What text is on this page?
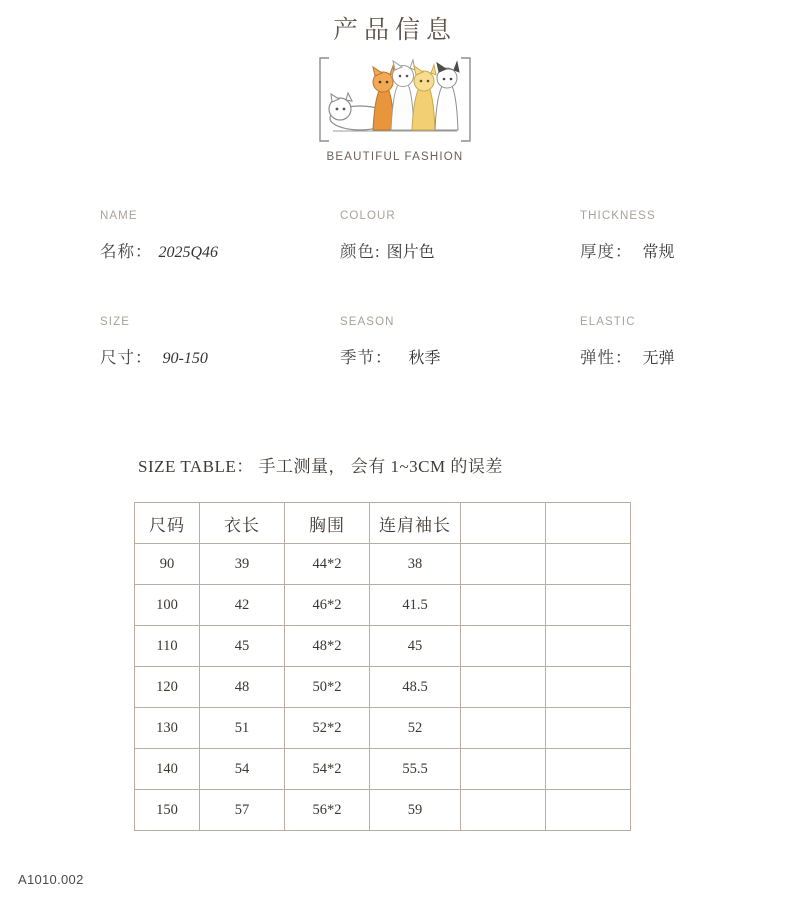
产品信息
BEAUTIFUL FASHION
NAME
名称： 2025Q46
COLOUR
颜色: 图片色
THICKNESS
厚度： 常规
SIZE
尺寸： 90-150
SEASON
季节： 秋季
ELASTIC
弹性： 无弹
SIZE TABLE： 手工测量， 会有 1~3CM 的误差
尺码	衣长	胸围	连肩袖长		
90	39	44*2	38		
100	42	46*2	41.5		
110	45	48*2	45		
120	48	50*2	48.5		
130	51	52*2	52		
140	54	54*2	55.5		
150	57	56*2	59		
A1010.002
